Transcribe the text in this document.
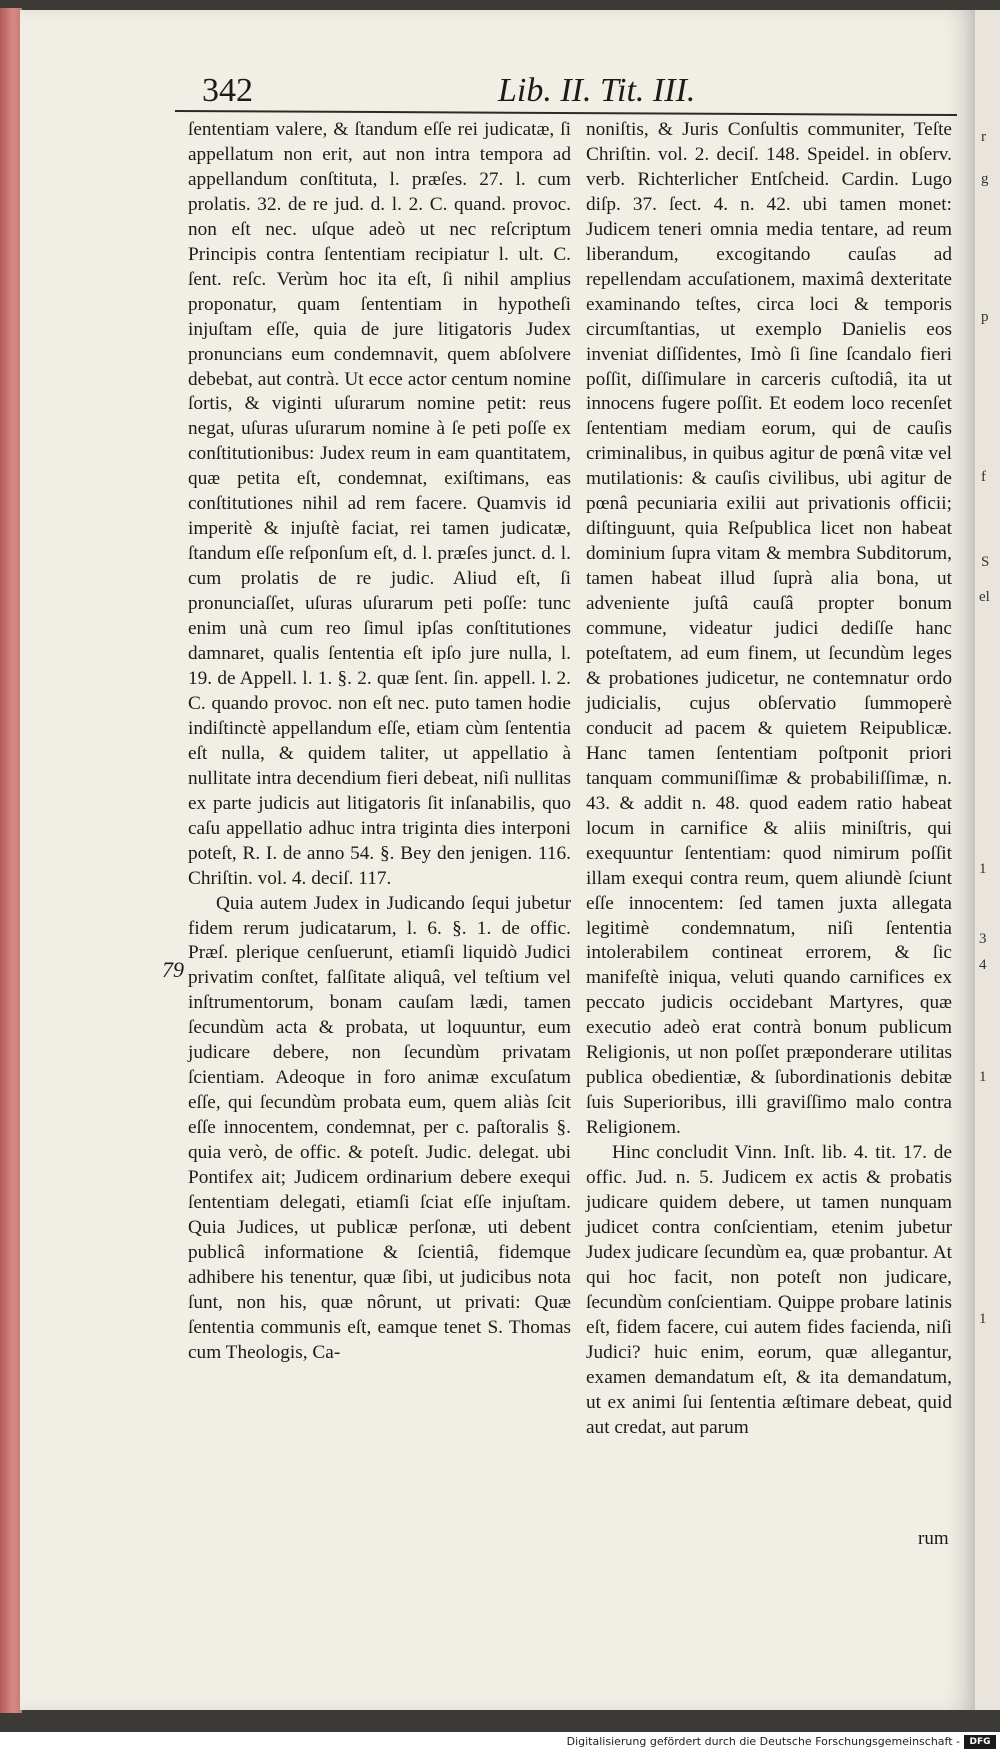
r
g
p
f
S
el
1
3
4
1
1
342	Lib. II. Tit. III.

ſententiam valere, & ſtandum eſſe rei judicatæ, ſi appellatum non erit, aut non intra tempora ad appellandum conſtituta, l. præſes. 27. l. cum prolatis. 32. de re jud. d. l. 2. C. quand. provoc. non eſt nec. uſque adeò ut nec reſcriptum Principis contra ſententiam recipiatur l. ult. C. ſent. reſc. Verùm hoc ita eſt, ſi nihil amplius proponatur, quam ſententiam in hypotheſi injuſtam eſſe, quia de jure litigatoris Judex pronuncians eum condemnavit, quem abſolvere debebat, aut contrà. Ut ecce actor centum nomine ſortis, & viginti uſurarum nomine petit: reus negat, uſuras uſurarum nomine à ſe peti poſſe ex conſtitutionibus: Judex reum in eam quantitatem, quæ petita eſt, condemnat, exiſtimans, eas conſtitutiones nihil ad rem facere. Quamvis id imperitè & injuſtè faciat, rei tamen judicatæ, ſtandum eſſe reſponſum eſt, d. l. præſes junct. d. l. cum prolatis de re judic. Aliud eſt, ſi pronunciaſſet, uſuras uſurarum peti poſſe: tunc enim unà cum reo ſimul ipſas conſtitutiones damnaret, qualis ſententia eſt ipſo jure nulla, l. 19. de Appell. l. 1. §. 2. quæ ſent. ſin. appell. l. 2. C. quando provoc. non eſt nec. puto tamen hodie indiſtinctè appellandum eſſe, etiam cùm ſententia eſt nulla, & quidem taliter, ut appellatio à nullitate intra decendium fieri debeat, niſi nullitas ex parte judicis aut litigatoris ſit inſanabilis, quo caſu appellatio adhuc intra triginta dies interponi poteſt, R. I. de anno 54. §. Bey den jenigen. 116. Chriſtin. vol. 4. deciſ. 117.

Quia autem Judex in Judicando ſequi jubetur fidem rerum judicatarum, l. 6. §. 1. de offic. Præſ. plerique cenſuerunt, etiamſi liquidò Judici privatim conſtet, falſitate aliquâ, vel teſtium vel inſtrumentorum, bonam cauſam lædi, tamen ſecundùm acta & probata, ut loquuntur, eum judicare debere, non ſecundùm privatam ſcientiam. Adeoque in foro animæ excuſatum eſſe, qui ſecundùm probata eum, quem aliàs ſcit eſſe innocentem, condemnat, per c. paſtoralis §. quia verò, de offic. & poteſt. Judic. delegat. ubi Pontifex ait; Judicem ordinarium debere exequi ſententiam delegati, etiamſi ſciat eſſe injuſtam. Quia Judices, ut publicæ perſonæ, uti debent publicâ informatione & ſcientiâ, fidemque adhibere his tenentur, quæ ſibi, ut judicibus nota ſunt, non his, quæ nôrunt, ut privati: Quæ ſententia communis eſt, eamque tenet S. Thomas cum Theologis, Ca-

79

noniſtis, & Juris Conſultis communiter, Teſte Chriſtin. vol. 2. deciſ. 148. Speidel. in obſerv. verb. Richterlicher Entſcheid. Cardin. Lugo diſp. 37. ſect. 4. n. 42. ubi tamen monet: Judicem teneri omnia media tentare, ad reum liberandum, excogitando cauſas ad repellendam accuſationem, maximâ dexteritate examinando teſtes, circa loci & temporis circumſtantias, ut exemplo Danielis eos inveniat diſſidentes, Imò ſi ſine ſcandalo fieri poſſit, diſſimulare in carceris cuſtodiâ, ita ut innocens fugere poſſit. Et eodem loco recenſet ſententiam mediam eorum, qui de cauſis criminalibus, in quibus agitur de pœnâ vitæ vel mutilationis: & cauſis civilibus, ubi agitur de pœnâ pecuniaria exilii aut privationis officii; diſtinguunt, quia Reſpublica licet non habeat dominium ſupra vitam & membra Subditorum, tamen habeat illud ſuprà alia bona, ut adveniente juſtâ cauſâ propter bonum commune, videatur judici dediſſe hanc poteſtatem, ad eum finem, ut ſecundùm leges & probationes judicetur, ne contemnatur ordo judicialis, cujus obſervatio ſummoperè conducit ad pacem & quietem Reipublicæ. Hanc tamen ſententiam poſtponit priori tanquam communiſſimæ & probabiliſſimæ, n. 43. & addit n. 48. quod eadem ratio habeat locum in carnifice & aliis miniſtris, qui exequuntur ſententiam: quod nimirum poſſit illam exequi contra reum, quem aliundè ſciunt eſſe innocentem: ſed tamen juxta allegata legitimè condemnatum, niſi ſententia intolerabilem contineat errorem, & ſic manifeſtè iniqua, veluti quando carnifices ex peccato judicis occidebant Martyres, quæ executio adeò erat contrà bonum publicum Religionis, ut non poſſet præponderare utilitas publica obedientiæ, & ſubordinationis debitæ ſuis Superioribus, illi graviſſimo malo contra Religionem.

Hinc concludit Vinn. Inſt. lib. 4. tit. 17. de offic. Jud. n. 5. Judicem ex actis & probatis judicare quidem debere, ut tamen nunquam judicet contra conſcientiam, etenim jubetur Judex judicare ſecundùm ea, quæ probantur. At qui hoc facit, non poteſt non judicare, ſecundùm conſcientiam. Quippe probare latinis eſt, fidem facere, cui autem fides facienda, niſi Judici? huic enim, eorum, quæ allegantur, examen demandatum eſt, & ita demandatum, ut ex animi ſui ſententia æſtimare debeat, quid aut credat, aut parum

rum
Digitalisierung gefördert durch die Deutsche Forschungsgemeinschaft -	DFG
